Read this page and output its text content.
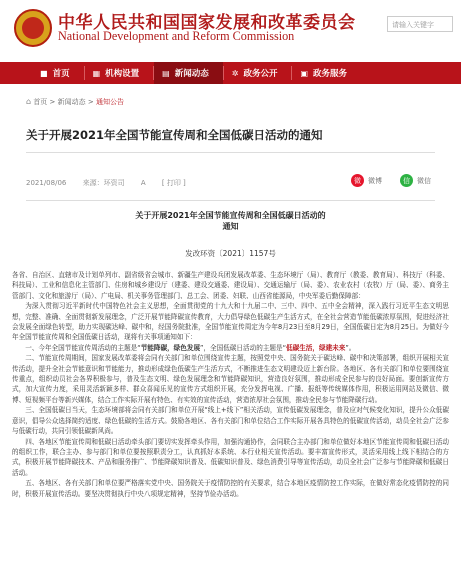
中华人民共和国国家发展和改革委员会
National Development and Reform Commission
请输入关键字
■ 首页	▦ 机构设置	▤ 新闻动态	✲ 政务公开	▣ 政务服务
⌂ 首页 > 新闻动态 > 通知公告
关于开展2021年全国节能宣传周和全国低碳日活动的通知
2021/08/06 来源：环资司 A [ 打印 ]	微	微博	信	微信
关于开展2021年全国节能宣传周和全国低碳日活动的
通知
发改环资〔2021〕1157号

各省、自治区、直辖市及计划单列市、副省级省会城市、新疆生产建设兵团发展改革委、生态环境厅（局）、教育厅（教委、教育局）、科技厅（科委、科技局）、工业和信息化主管部门、住房和城乡建设厅（建委、建设交通委、建设局）、交通运输厅（局、委）、农业农村（农牧）厅（局、委）、商务主管部门、文化和旅游厅（局）、广电局、机关事务管理部门、总工会、团委、妇联、山西省能源局，中央军委后勤保障部：

为深入贯彻习近平新时代中国特色社会主义思想，全面贯彻党的十九大和十九届二中、三中、四中、五中全会精神，深入践行习近平生态文明思想，完整、准确、全面贯彻新发展理念，广泛开展节能降碳宣传教育，大力倡导绿色低碳生产生活方式，在全社会营造节能低碳浓厚氛围，促进经济社会发展全面绿色转型，助力实现碳达峰、碳中和，经国务院批准，全国节能宣传周定为今年8月23日至8月29日，全国低碳日定为8月25日。为做好今年全国节能宣传周和全国低碳日活动，现将有关事项通知如下：

一、今年全国节能宣传周活动的主题是“节能降碳，绿色发展”，全国低碳日活动的主题是“低碳生活，绿建未来”。

二、节能宣传周期间，国家发展改革委将会同有关部门和单位围绕宣传主题，按照党中央、国务院关于碳达峰、碳中和决策部署，组织开展相关宣传活动，提升全社会节能意识和节能能力，推动形成绿色低碳生产生活方式，不断推进生态文明建设迈上新台阶。各地区、各有关部门和单位要围绕宣传重点，组织动员社会各界积极参与，普及生态文明、绿色发展理念和节能降碳知识，营造良好氛围，推动形成全民参与的良好局面。要创新宣传方式，加大宣传力度，采用灵活新颖多样、群众喜闻乐见的宣传方式组织开展，充分发挥电视、广播、报纸等传统媒体作用，积极运用网站及微信、微博、短视频平台等新兴媒体，结合工作实际开展有特色、有实效的宣传活动，营造浓厚社会氛围，推动全民参与节能降碳行动。

三、全国低碳日当天，生态环境部将会同有关部门和单位开展“线上+线下”相关活动，宣传低碳发展理念，普及应对气候变化知识，提升公众低碳意识，倡导公众选择简约适度、绿色低碳的生活方式。鼓励各地区、各有关部门和单位结合工作实际开展各具特色的低碳宣传活动，动员全社会广泛参与低碳行动，共同引领低碳新风尚。

四、各地区节能宣传周和低碳日活动牵头部门要切实发挥牵头作用，加强沟通协作，会同联合主办部门和单位做好本地区节能宣传周和低碳日活动的组织工作，联合主办、参与部门和单位要按照职责分工，认真抓好本系统、本行业相关宣传活动。要丰富宣传形式，灵活采用线上线下相结合的方式，积极开展节能降碳技术、产品和服务推广、节能降碳知识普及、低碳知识普及、绿色消费引导等宣传活动，动员全社会广泛参与节能降碳和低碳日活动。

五、各地区、各有关部门和单位要严格落实党中央、国务院关于疫情防控的有关要求，结合本地区疫情防控工作实际，在做好常态化疫情防控的同时，积极开展宣传活动。要坚决贯彻执行中央八项规定精神，坚持节俭办活动。
